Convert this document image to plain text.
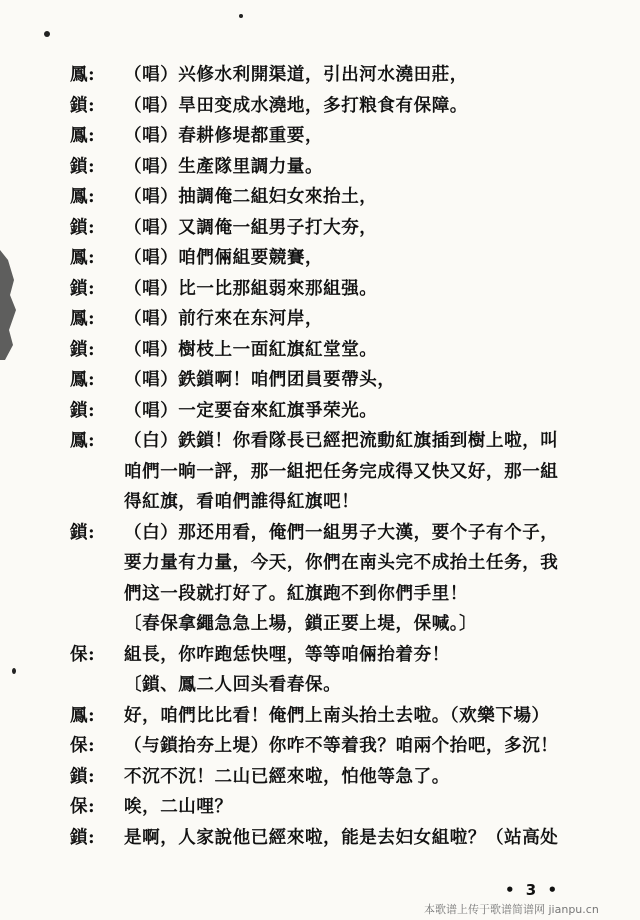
鳳:	（唱）兴修水利開渠道，引出河水澆田莊，
鎖:	（唱）旱田变成水澆地，多打粮食有保障。
鳳:	（唱）春耕修堤都重要，
鎖:	（唱）生產隊里調力量。
鳳:	（唱）抽調俺二組妇女來抬土，
鎖:	（唱）又調俺一組男子打大夯，
鳳:	（唱）咱們倆組要競賽，
鎖:	（唱）比一比那組弱來那組强。
鳳:	（唱）前行來在东河岸，
鎖:	（唱）樹枝上一面紅旗紅堂堂。
鳳:	（唱）鉄鎖啊！咱們团員要帶头，
鎖:	（唱）一定要奋來紅旗爭荣光。
鳳:	（白）鉄鎖！你看隊長已經把流動紅旗插到樹上啦，叫
咱們一晌一評，那一組把任务完成得又快又好，那一組
得紅旗，看咱們誰得紅旗吧！
鎖:	（白）那还用看，俺們一組男子大漢，要个子有个子，
要力量有力量，今天，你們在南头完不成抬土任务，我
們这一段就打好了。紅旗跑不到你們手里！
〔春保拿繩急急上場，鎖正要上堤，保喊。〕
保:	組長，你咋跑恁快哩，等等咱倆抬着夯！
〔鎖、鳳二人回头看春保。
鳳:	好，咱們比比看！俺們上南头抬土去啦。（欢樂下場）
保:	（与鎖抬夯上堤）你咋不等着我？咱兩个抬吧，多沉！
鎖:	不沉不沉！二山已經來啦，怕他等急了。
保:	唉，二山哩？
鎖:	是啊，人家說他已經來啦，能是去妇女組啦？（站高处
• 3 •
本歌谱上传于歌谱简谱网 jianpu.cn
